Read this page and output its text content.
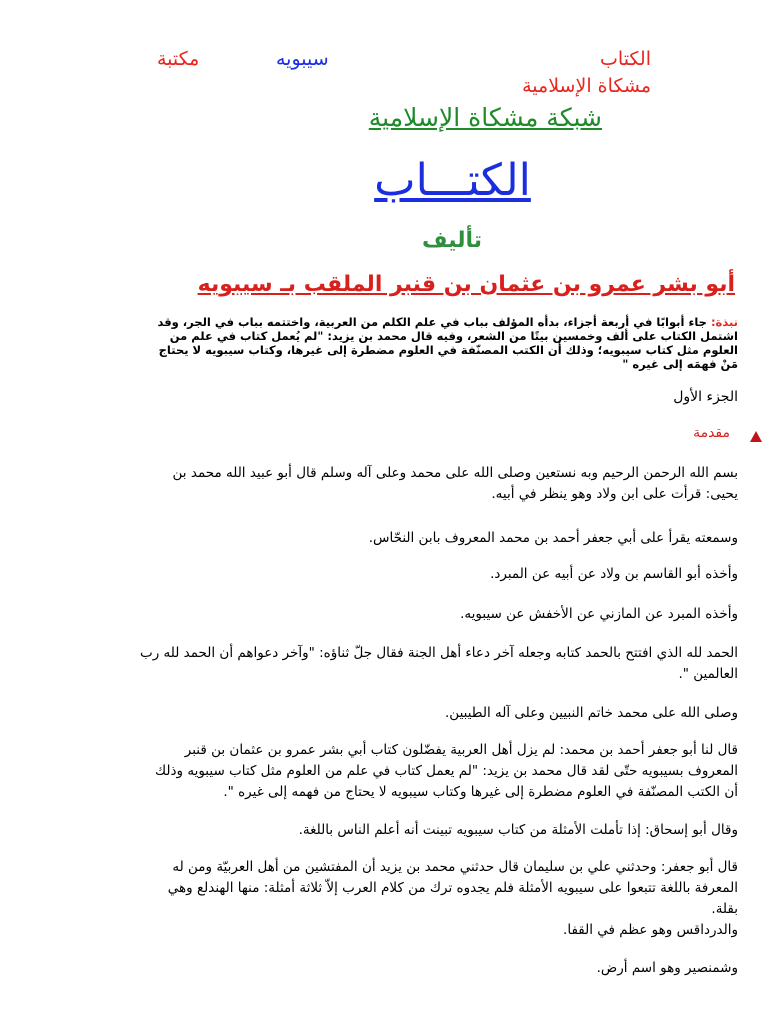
الكتاب
سيبويه
مكتبة
مشكاة الإسلامية
شبكة مشكاة الإسلامية
الكتـــاب
تأليف
أبو بشر عمرو بن عثمان بن قنبر الملقب بـ سيبويه
نبذة: جاء أبوابًا في أربعة أجزاء، بدأه المؤلف بباب في علم الكلم من العربية، واختتمه بباب في الجر، وقد اشتمل الكتاب على ألف وخمسين بيتًا من الشعر، وفيه قال محمد بن يزيد: "لم يُعمل كتاب في علم من العلوم مثل كتاب سيبويه؛ وذلك أن الكتب المصنّفة في العلوم مضطرة إلى غيرها، وكتاب سيبويه لا يحتاج مَنْ فهمَه إلى غيره "
الجزء الأول
مقدمة
بسم الله الرحمن الرحيم وبه نستعين وصلى الله على محمد وعلى آله وسلم قال أبو عبيد الله محمد بن يحيى: قرأت على ابن ولاد وهو ينظر في أبيه.
وسمعته يقرأ على أبي جعفر أحمد بن محمد المعروف بابن النحّاس.
وأخذه أبو القاسم بن ولاد عن أبيه عن المبرد.
وأخذه المبرد عن المازني عن الأخفش عن سيبويه.
الحمد لله الذي افتتح بالحمد كتابه وجعله آخر دعاء أهل الجنة فقال جلّ ثناؤه: "وآخر دعواهم أن الحمد لله رب العالمين ".
وصلى الله على محمد خاتم النبيين وعلى آله الطيبين.
قال لنا أبو جعفر أحمد بن محمد: لم يزل أهل العربية يفضّلون كتاب أبي بشر عمرو بن عثمان بن قنبر المعروف بسيبويه حتّى لقد قال محمد بن يزيد: "لم يعمل كتاب في علم من العلوم مثل كتاب سيبويه وذلك أن الكتب المصنّفة في العلوم مضطرة إلى غيرها وكتاب سيبويه لا يحتاج من فهمه إلى غيره ".
وقال أبو إسحاق: إذا تأملت الأمثلة من كتاب سيبويه تبينت أنه أعلم الناس باللغة.
قال أبو جعفر: وحدثني علي بن سليمان قال حدثني محمد بن يزيد أن المفتشين من أهل العربيّة ومن له المعرفة باللغة تتبعوا على سيبويه الأمثلة فلم يجدوه ترك من كلام العرب إلاّ ثلاثة أمثلة: منها الهندلع وهي بقلة.
والدرداقس وهو عظم في القفا.
وشمنصير وهو اسم أرض.
